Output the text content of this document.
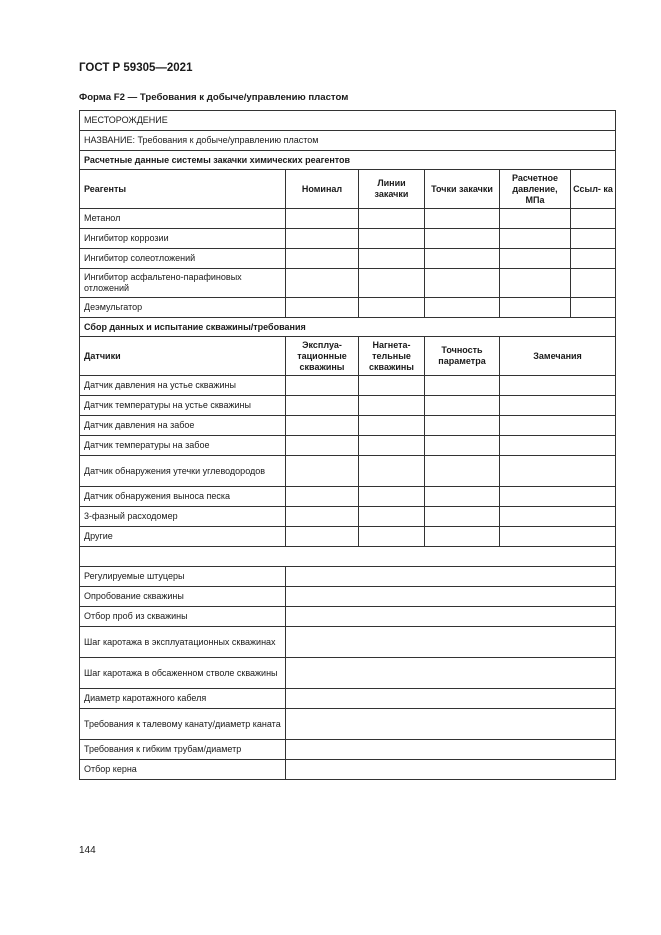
ГОСТ Р 59305—2021
Форма F2 — Требования к добыче/управлению пластом
МЕСТОРОЖДЕНИЕ					
НАЗВАНИЕ: Требования к добыче/управлению пластом					
Расчетные данные системы закачки химических реагентов					
Реагенты	Номинал	Линии закачки	Точки закачки	Расчетное давление, МПа	Ссыл- ка
Метанол					
Ингибитор коррозии					
Ингибитор солеотложений					
Ингибитор асфальтено-парафиновых отложений					
Деэмульгатор					
Сбор данных и испытание скважины/требования					
Датчики	Эксплуа- тационные скважины	Нагнета- тельные скважины	Точность параметра	Замечания	
Датчик давления на устье скважины					
Датчик температуры на устье скважины					
Датчик давления на забое					
Датчик температуры на забое					
Датчик обнаружения утечки углеводородов					
Датчик обнаружения выноса песка					
3-фазный расходомер					
Другие					

Регулируемые штуцеры					
Опробование скважины					
Отбор проб из скважины					
Шаг каротажа в эксплуатационных скважинах					
Шаг каротажа в обсаженном стволе скважины					
Диаметр каротажного кабеля					
Требования к талевому канату/диаметр каната					
Требования к гибким трубам/диаметр					
Отбор керна					
144
